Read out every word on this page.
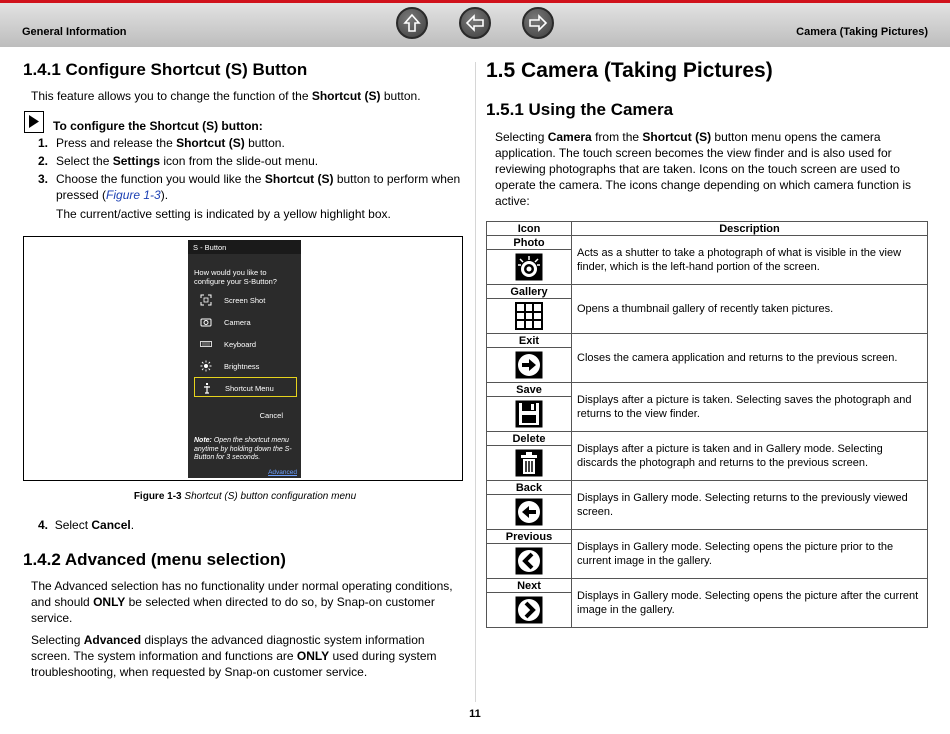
General Information	Camera (Taking Pictures)
1.4.1 Configure Shortcut (S) Button
This feature allows you to change the function of the Shortcut (S) button.
To configure the Shortcut (S) button:
1. Press and release the Shortcut (S) button.
2. Select the Settings icon from the slide-out menu.
3. Choose the function you would like the Shortcut (S) button to perform when pressed (Figure 1-3).
The current/active setting is indicated by a yellow highlight box.
S - Button
How would you like to configure your S-Button?
Screen Shot
Camera
Keyboard
Brightness
Shortcut Menu
Cancel
Note: Open the shortcut menu anytime by holding down the S-Button for 3 seconds.
Advanced
Figure 1-3 Shortcut (S) button configuration menu
4. Select Cancel.
1.4.2 Advanced (menu selection)
The Advanced selection has no functionality under normal operating conditions, and should ONLY be selected when directed to do so, by Snap-on customer service.
Selecting Advanced displays the advanced diagnostic system information screen. The system information and functions are ONLY used during system troubleshooting, when requested by Snap-on customer service.
1.5 Camera (Taking Pictures)
1.5.1 Using the Camera
Selecting Camera from the Shortcut (S) button menu opens the camera application. The touch screen becomes the view finder and is also used for reviewing photographs that are taken. Icons on the touch screen are used to operate the camera. The icons change depending on which camera function is active:
Icon	Description
Photo	Acts as a shutter to take a photograph of what is visible in the view finder, which is the left-hand portion of the screen.

Gallery	Opens a thumbnail gallery of recently taken pictures.

Exit	Closes the camera application and returns to the previous screen.

Save	Displays after a picture is taken. Selecting saves the photograph and returns to the view finder.

Delete	Displays after a picture is taken and in Gallery mode. Selecting discards the photograph and returns to the previous screen.

Back	Displays in Gallery mode. Selecting returns to the previously viewed screen.

Previous	Displays in Gallery mode. Selecting opens the picture prior to the current image in the gallery.

Next	Displays in Gallery mode. Selecting opens the picture after the current image in the gallery.

11
